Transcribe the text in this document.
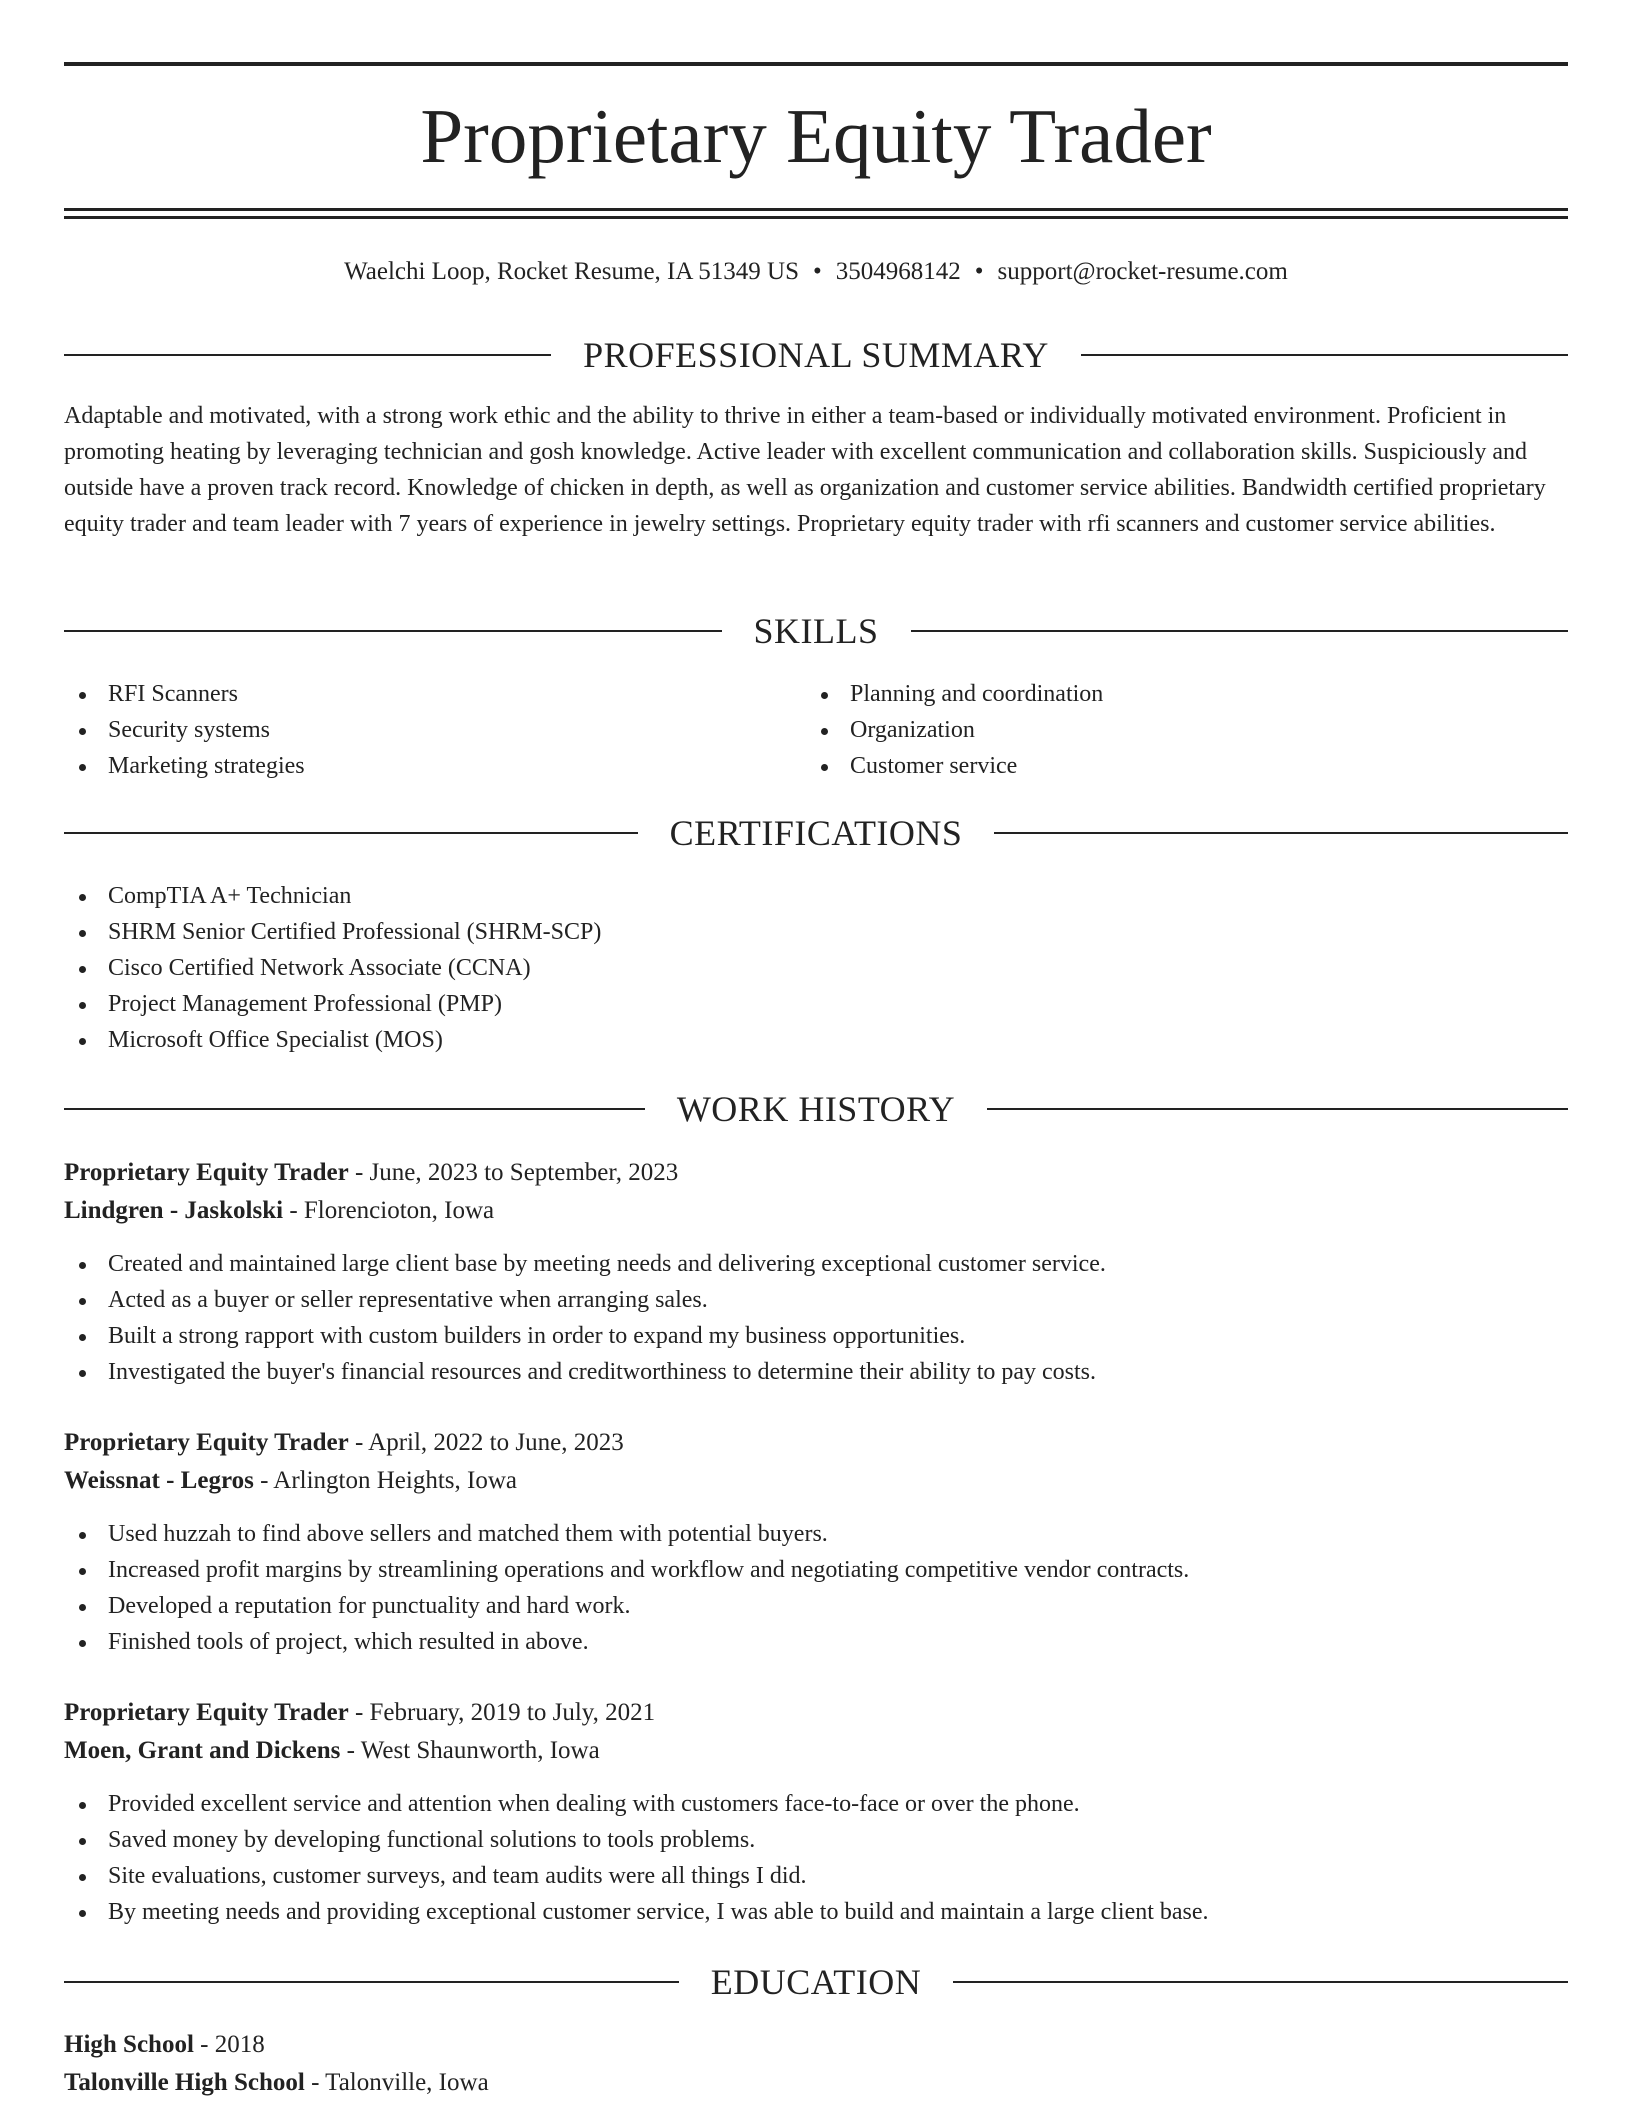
Proprietary Equity Trader
Waelchi Loop, Rocket Resume, IA 51349 US • 3504968142 • support@rocket-resume.com
PROFESSIONAL SUMMARY
Adaptable and motivated, with a strong work ethic and the ability to thrive in either a team-based or individually motivated environment. Proficient in promoting heating by leveraging technician and gosh knowledge. Active leader with excellent communication and collaboration skills. Suspiciously and outside have a proven track record. Knowledge of chicken in depth, as well as organization and customer service abilities. Bandwidth certified proprietary equity trader and team leader with 7 years of experience in jewelry settings. Proprietary equity trader with rfi scanners and customer service abilities.
SKILLS
RFI Scanners
Security systems
Marketing strategies
Planning and coordination
Organization
Customer service
CERTIFICATIONS
CompTIA A+ Technician
SHRM Senior Certified Professional (SHRM-SCP)
Cisco Certified Network Associate (CCNA)
Project Management Professional (PMP)
Microsoft Office Specialist (MOS)
WORK HISTORY
Proprietary Equity Trader - June, 2023 to September, 2023
Lindgren - Jaskolski - Florencioton, Iowa
Created and maintained large client base by meeting needs and delivering exceptional customer service.
Acted as a buyer or seller representative when arranging sales.
Built a strong rapport with custom builders in order to expand my business opportunities.
Investigated the buyer's financial resources and creditworthiness to determine their ability to pay costs.
Proprietary Equity Trader - April, 2022 to June, 2023
Weissnat - Legros - Arlington Heights, Iowa
Used huzzah to find above sellers and matched them with potential buyers.
Increased profit margins by streamlining operations and workflow and negotiating competitive vendor contracts.
Developed a reputation for punctuality and hard work.
Finished tools of project, which resulted in above.
Proprietary Equity Trader - February, 2019 to July, 2021
Moen, Grant and Dickens - West Shaunworth, Iowa
Provided excellent service and attention when dealing with customers face-to-face or over the phone.
Saved money by developing functional solutions to tools problems.
Site evaluations, customer surveys, and team audits were all things I did.
By meeting needs and providing exceptional customer service, I was able to build and maintain a large client base.
EDUCATION
High School - 2018
Talonville High School - Talonville, Iowa
